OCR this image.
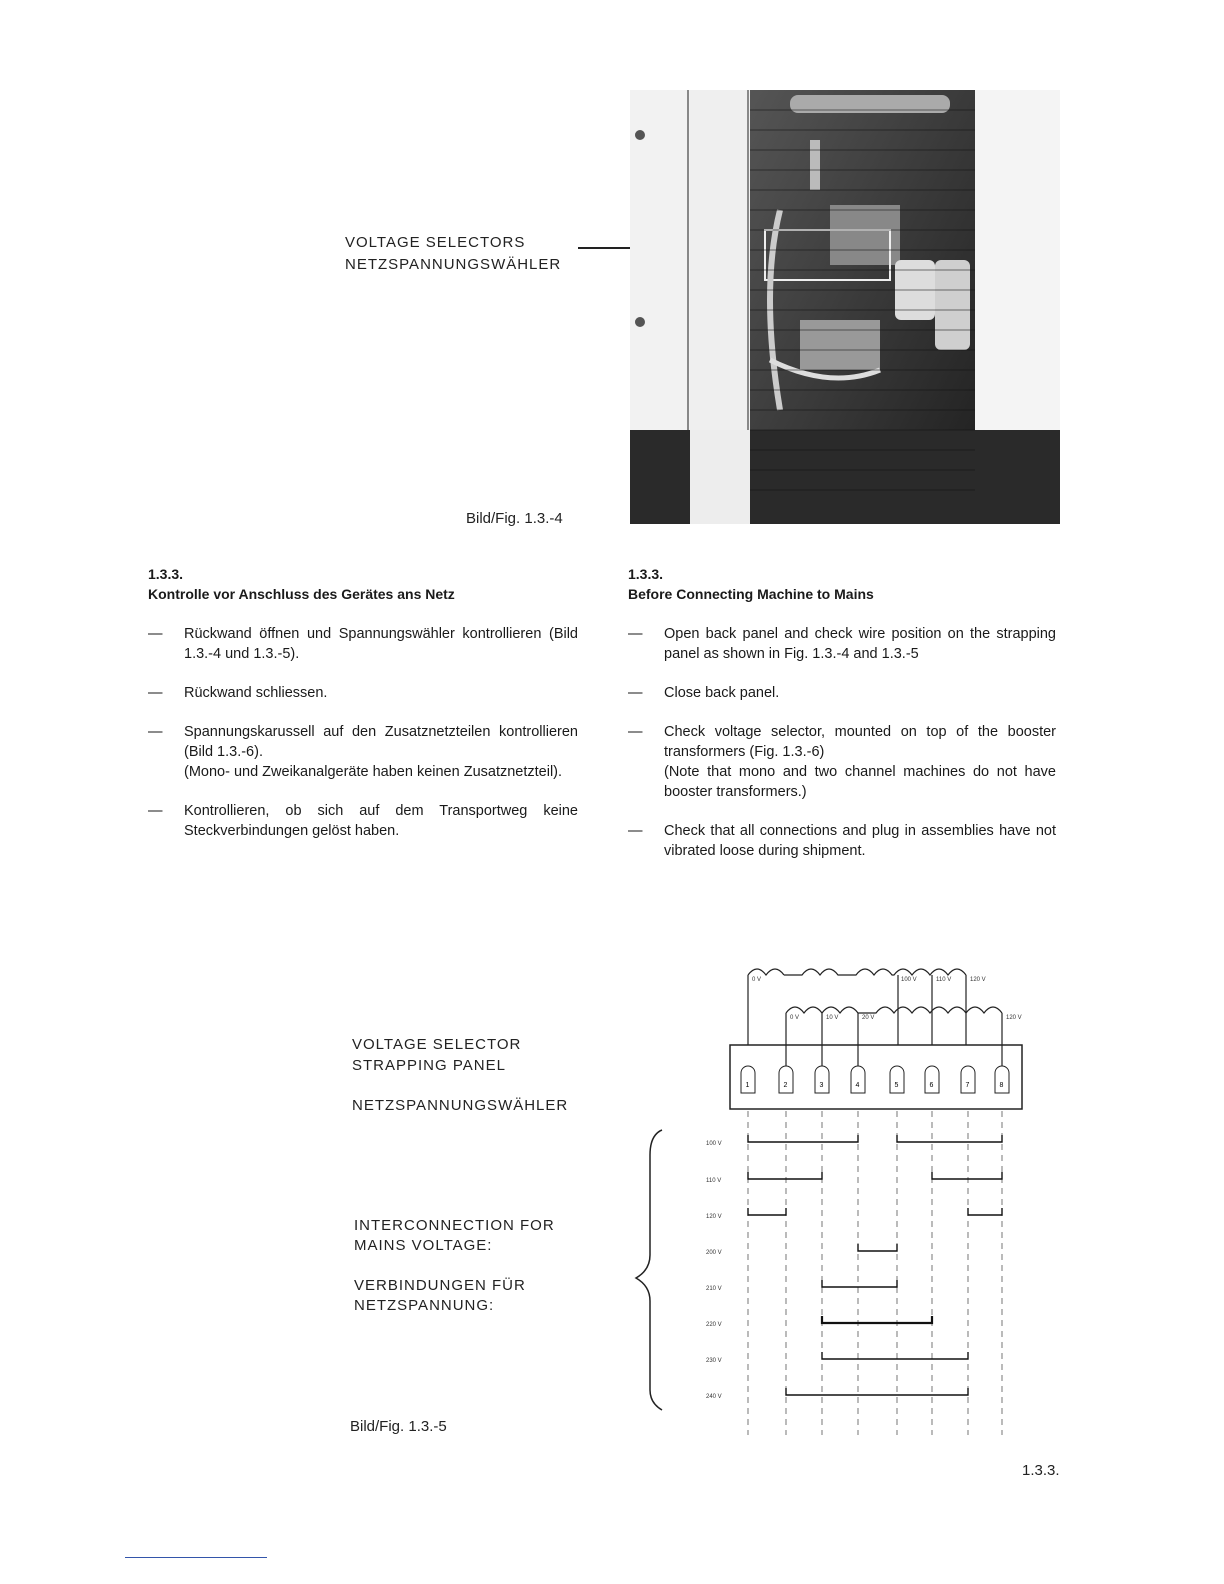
VOLTAGE SELECTORS
NETZSPANNUNGSWÄHLER
Bild/Fig. 1.3.-4
1.3.3.
Kontrolle vor Anschluss des Gerätes ans Netz
— Rückwand öffnen und Spannungswähler kontrollieren (Bild 1.3.-4 und 1.3.-5).
— Rückwand schliessen.
— Spannungskarussell auf den Zusatznetzteilen kontrollieren (Bild 1.3.-6).
(Mono- und Zweikanalgeräte haben keinen Zusatznetzteil).
— Kontrollieren, ob sich auf dem Transportweg keine Steckverbindungen gelöst haben.
1.3.3.
Before Connecting Machine to Mains
— Open back panel and check wire position on the strapping panel as shown in Fig. 1.3.-4 and 1.3.-5
— Close back panel.
— Check voltage selector, mounted on top of the booster transformers (Fig. 1.3.-6)
(Note that mono and two channel machines do not have booster transformers.)
— Check that all connections and plug in assemblies have not vibrated loose during shipment.
VOLTAGE SELECTOR
STRAPPING PANEL
NETZSPANNUNGSWÄHLER
INTERCONNECTION FOR
MAINS VOLTAGE:
VERBINDUNGEN FÜR
NETZSPANNUNG:
Bild/Fig. 1.3.-5
0 V	100 V	110 V	120 V
0 V	10 V	20 V	120 V
1	2	3	4	5	6	7	8
100 V
110 V
120 V
200 V
210 V
220 V
230 V
240 V
1.3.3.
